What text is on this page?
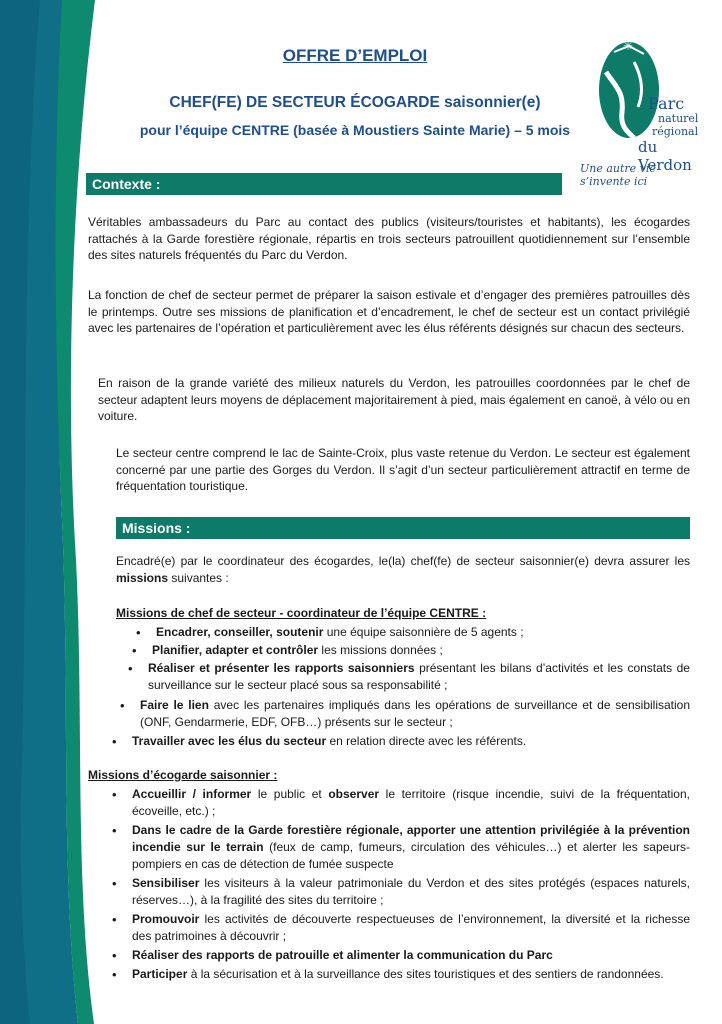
OFFRE D’EMPLOI
CHEF(FE) DE SECTEUR ÉCOGARDE saisonnier(e)
pour l’équipe CENTRE (basée à Moustiers Sainte Marie) – 5 mois
✳
Parc
naturel
régional
du Verdon
Une autre vie s’invente ici
Contexte :
Véritables ambassadeurs du Parc au contact des publics (visiteurs/touristes et habitants), les écogardes rattachés à la Garde forestière régionale, répartis en trois secteurs patrouillent quotidiennement sur l’ensemble des sites naturels fréquentés du Parc du Verdon.
La fonction de chef de secteur permet de préparer la saison estivale et d’engager des premières patrouilles dès le printemps. Outre ses missions de planification et d’encadrement, le chef de secteur est un contact privilégié avec les partenaires de l’opération et particulièrement avec les élus référents désignés sur chacun des secteurs.
En raison de la grande variété des milieux naturels du Verdon, les patrouilles coordonnées par le chef de secteur adaptent leurs moyens de déplacement majoritairement à pied, mais également en canoë, à vélo ou en voiture.
Le secteur centre comprend le lac de Sainte-Croix, plus vaste retenue du Verdon. Le secteur est également concerné par une partie des Gorges du Verdon. Il s’agit d’un secteur particulièrement attractif en terme de fréquentation touristique.
Missions :
Encadré(e) par le coordinateur des écogardes, le(la) chef(fe) de secteur saisonnier(e) devra assurer les missions suivantes :
Missions de chef de secteur - coordinateur de l’équipe CENTRE :
• Encadrer, conseiller, soutenir une équipe saisonnière de 5 agents ;
• Planifier, adapter et contrôler les missions données ;
• Réaliser et présenter les rapports saisonniers présentant les bilans d’activités et les constats de surveillance sur le secteur placé sous sa responsabilité ;
• Faire le lien avec les partenaires impliqués dans les opérations de surveillance et de sensibilisation (ONF, Gendarmerie, EDF, OFB…) présents sur le secteur ;
• Travailler avec les élus du secteur en relation directe avec les référents.
Missions d’écogarde saisonnier :
• Accueillir / informer le public et observer le territoire (risque incendie, suivi de la fréquentation, écoveille, etc.) ;
• Dans le cadre de la Garde forestière régionale, apporter une attention privilégiée à la prévention incendie sur le terrain (feux de camp, fumeurs, circulation des véhicules…) et alerter les sapeurs-pompiers en cas de détection de fumée suspecte
• Sensibiliser les visiteurs à la valeur patrimoniale du Verdon et des sites protégés (espaces naturels, réserves…), à la fragilité des sites du territoire ;
• Promouvoir les activités de découverte respectueuses de l’environnement, la diversité et la richesse des patrimoines à découvrir ;
• Réaliser des rapports de patrouille et alimenter la communication du Parc
• Participer à la sécurisation et à la surveillance des sites touristiques et des sentiers de randonnées.
